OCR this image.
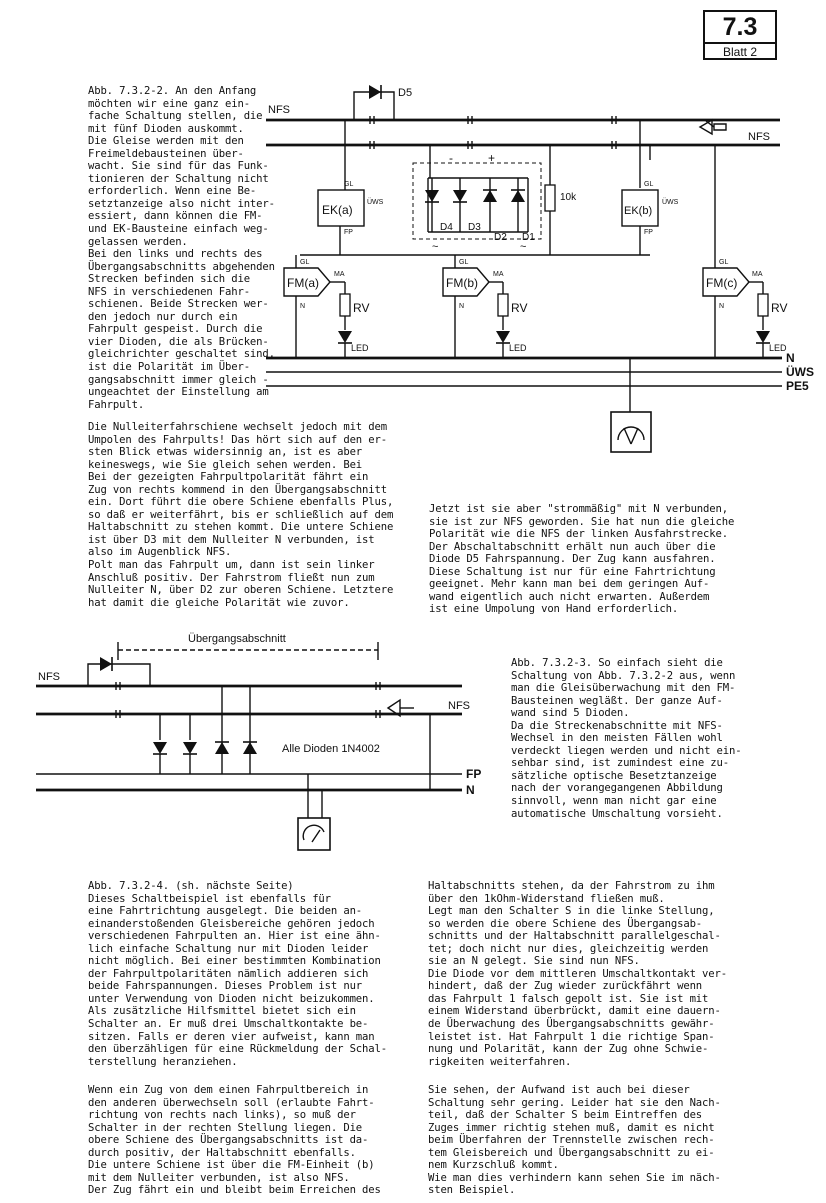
7.3
Blatt 2

Abb. 7.3.2-2. An den Anfang
möchten wir eine ganz ein-
fache Schaltung stellen, die
mit fünf Dioden auskommt.
Die Gleise werden mit den
Freimeldebausteinen über-
wacht. Sie sind für das Funk-
tionieren der Schaltung nicht
erforderlich. Wenn eine Be-
setztanzeige also nicht inter-
essiert, dann können die FM-
und EK-Bausteine einfach weg-
gelassen werden.
Bei den links und rechts des
Übergangsabschnitts abgehenden
Strecken befinden sich die
NFS in verschiedenen Fahr-
schienen. Beide Strecken wer-
den jedoch nur durch ein
Fahrpult gespeist. Durch die
vier Dioden, die als Brücken-
gleichrichter geschaltet sind,
ist die Polarität im Über-
gangsabschnitt immer gleich -
ungeachtet der Einstellung am
Fahrpult.

Die Nulleiterfahrschiene wechselt jedoch mit dem
Umpolen des Fahrpults! Das hört sich auf den er-
sten Blick etwas widersinnig an, ist es aber
keineswegs, wie Sie gleich sehen werden. Bei
Bei der gezeigten Fahrpultpolarität fährt ein
Zug von rechts kommend in den Übergangsabschnitt
ein. Dort führt die obere Schiene ebenfalls Plus,
so daß er weiterfährt, bis er schließlich auf dem
Haltabschnitt zu stehen kommt. Die untere Schiene
ist über D3 mit dem Nulleiter N verbunden, ist
also im Augenblick NFS.
Polt man das Fahrpult um, dann ist sein linker
Anschluß positiv. Der Fahrstrom fließt nun zum
Nulleiter N, über D2 zur oberen Schiene. Letztere
hat damit die gleiche Polarität wie zuvor.

Jetzt ist sie aber "strommäßig" mit N verbunden,
sie ist zur NFS geworden. Sie hat nun die gleiche
Polarität wie die NFS der linken Ausfahrstrecke.
Der Abschaltabschnitt erhält nun auch über die
Diode D5 Fahrspannung. Der Zug kann ausfahren.
Diese Schaltung ist nur für eine Fahrtrichtung
geeignet. Mehr kann man bei dem geringen Auf-
wand eigentlich auch nicht erwarten. Außerdem
ist eine Umpolung von Hand erforderlich.

Abb. 7.3.2-3. So einfach sieht die
Schaltung von Abb. 7.3.2-2 aus, wenn
man die Gleisüberwachung mit den FM-
Bausteinen wegläßt. Der ganze Auf-
wand sind 5 Dioden.
Da die Streckenabschnitte mit NFS-
Wechsel in den meisten Fällen wohl
verdeckt liegen werden und nicht ein-
sehbar sind, ist zumindest eine zu-
sätzliche optische Besetztanzeige
nach der vorangegangenen Abbildung
sinnvoll, wenn man nicht gar eine
automatische Umschaltung vorsieht.

Abb. 7.3.2-4. (sh. nächste Seite)
Dieses Schaltbeispiel ist ebenfalls für
eine Fahrtrichtung ausgelegt. Die beiden an-
einanderstoßenden Gleisbereiche gehören jedoch
verschiedenen Fahrpulten an. Hier ist eine ähn-
lich einfache Schaltung nur mit Dioden leider
nicht möglich. Bei einer bestimmten Kombination
der Fahrpultpolaritäten nämlich addieren sich
beide Fahrspannungen. Dieses Problem ist nur
unter Verwendung von Dioden nicht beizukommen.
Als zusätzliche Hilfsmittel bietet sich ein
Schalter an. Er muß drei Umschaltkontakte be-
sitzen. Falls er deren vier aufweist, kann man
den überzähligen für eine Rückmeldung der Schal-
terstellung heranziehen.

Wenn ein Zug von dem einen Fahrpultbereich in
den anderen überwechseln soll (erlaubte Fahrt-
richtung von rechts nach links), so muß der
Schalter in der rechten Stellung liegen. Die
obere Schiene des Übergangsabschnitts ist da-
durch positiv, der Haltabschnitt ebenfalls.
Die untere Schiene ist über die FM-Einheit (b)
mit dem Nulleiter verbunden, ist also NFS.
Der Zug fährt ein und bleibt beim Erreichen des

Haltabschnitts stehen, da der Fahrstrom zu ihm
über den 1kOhm-Widerstand fließen muß.
Legt man den Schalter S in die linke Stellung,
so werden die obere Schiene des Übergangsab-
schnitts und der Haltabschnitt parallelgeschal-
tet; doch nicht nur dies, gleichzeitig werden
sie an N gelegt. Sie sind nun NFS.
Die Diode vor dem mittleren Umschaltkontakt ver-
hindert, daß der Zug wieder zurückfährt wenn
das Fahrpult 1 falsch gepolt ist. Sie ist mit
einem Widerstand überbrückt, damit eine dauern-
de Überwachung des Übergangsabschnitts gewähr-
leistet ist. Hat Fahrpult 1 die richtige Span-
nung und Polarität, kann der Zug ohne Schwie-
rigkeiten weiterfahren.

Sie sehen, der Aufwand ist auch bei dieser
Schaltung sehr gering. Leider hat sie den Nach-
teil, daß der Schalter S beim Eintreffen des
Zuges immer richtig stehen muß, damit es nicht
beim Überfahren der Trennstelle zwischen rech-
tem Gleisbereich und Übergangsabschnitt zu ei-
nem Kurzschluß kommt.
Wie man dies verhindern kann sehen Sie im näch-
sten Beispiel.

NFS
NFS
D5
-	+
D4 D3
D2 D1
~	~
10k
EK(a)
GL
ÜWS
FP
EK(b)
GL
ÜWS
FP
FM(a)
GL
MA
N	RV
LED
FM(b)
GL
MA
N	RV
LED
FM(c)
GL
MA
N	RV
LED
N
ÜWS
PE5
Übergangsabschnitt
NFS
NFS
Alle Dioden 1N4002
FP
N
